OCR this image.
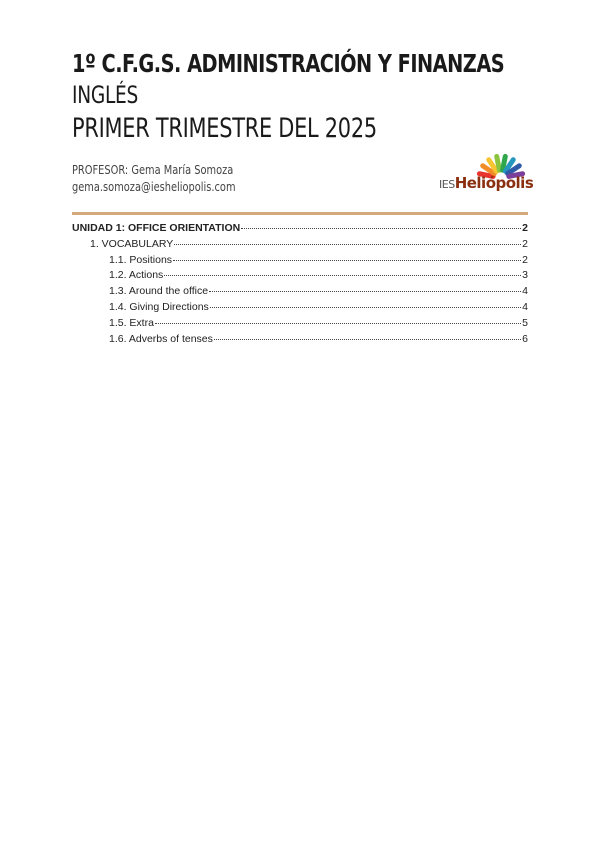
1º C.F.G.S. ADMINISTRACIÓN Y FINANZAS
INGLÉS
PRIMER TRIMESTRE DEL 2025
PROFESOR: Gema María Somoza
gema.somoza@iesheliopolis.com	IESHeliópolis
UNIDAD 1: OFFICE ORIENTATION	2
1. VOCABULARY	2
1.1. Positions	2
1.2. Actions	3
1.3. Around the office	4
1.4. Giving Directions	4
1.5. Extra	5
1.6. Adverbs of tenses	6
